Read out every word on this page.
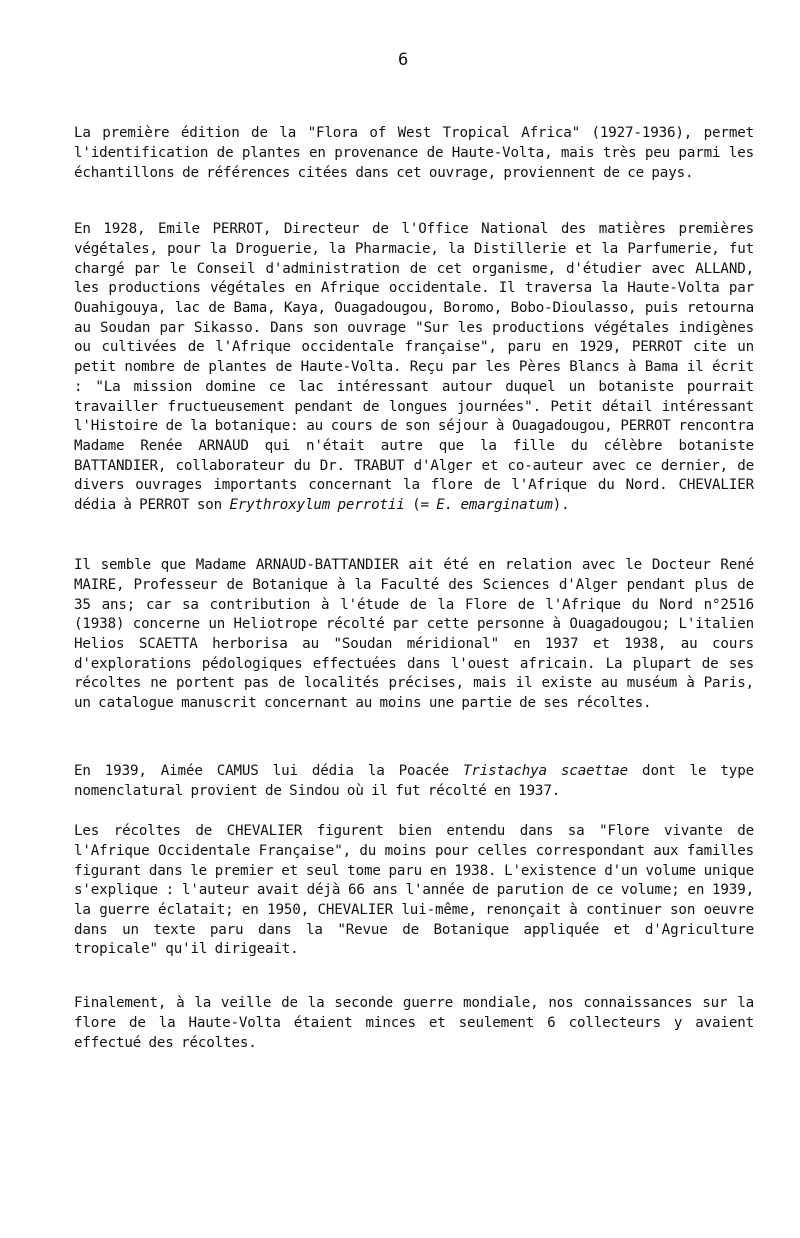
6

La première édition de la "Flora of West Tropical Africa" (1927-1936), permet l'identification de plantes en provenance de Haute-Volta, mais très peu parmi les échantillons de références citées dans cet ouvrage, proviennent de ce pays.

En 1928, Emile PERROT, Directeur de l'Office National des matières premières végétales, pour la Droguerie, la Pharmacie, la Distillerie et la Parfumerie, fut chargé par le Conseil d'administration de cet organisme, d'étudier avec ALLAND, les productions végétales en Afrique occidentale. Il traversa la Haute-Volta par Ouahigouya, lac de Bama, Kaya, Ouagadougou, Boromo, Bobo-Dioulasso, puis retourna au Soudan par Sikasso. Dans son ouvrage "Sur les productions végétales indigènes ou cultivées de l'Afrique occidentale française", paru en 1929, PERROT cite un petit nombre de plantes de Haute-Volta. Reçu par les Pères Blancs à Bama il écrit : "La mission domine ce lac intéressant autour duquel un botaniste pourrait travailler fructueusement pendant de longues journées". Petit détail intéressant l'Histoire de la botanique: au cours de son séjour à Ouagadougou, PERROT rencontra Madame Renée ARNAUD qui n'était autre que la fille du célèbre botaniste BATTANDIER, collaborateur du Dr. TRABUT d'Alger et co-auteur avec ce dernier, de divers ouvrages importants concernant la flore de l'Afrique du Nord. CHEVALIER dédia à PERROT son Erythroxylum perrotii (= E. emarginatum).

Il semble que Madame ARNAUD-BATTANDIER ait été en relation avec le Docteur René MAIRE, Professeur de Botanique à la Faculté des Sciences d'Alger pendant plus de 35 ans; car sa contribution à l'étude de la Flore de l'Afrique du Nord n°2516 (1938) concerne un Heliotrope récolté par cette personne à Ouagadougou; L'italien Helios SCAETTA herborisa au "Soudan méridional" en 1937 et 1938, au cours d'explorations pédologiques effectuées dans l'ouest africain. La plupart de ses récoltes ne portent pas de localités précises, mais il existe au muséum à Paris, un catalogue manuscrit concernant au moins une partie de ses récoltes.

En 1939, Aimée CAMUS lui dédia la Poacée Tristachya scaettae dont le type nomenclatural provient de Sindou où il fut récolté en 1937.

Les récoltes de CHEVALIER figurent bien entendu dans sa "Flore vivante de l'Afrique Occidentale Française", du moins pour celles correspondant aux familles figurant dans le premier et seul tome paru en 1938. L'existence d'un volume unique s'explique : l'auteur avait déjà 66 ans l'année de parution de ce volume; en 1939, la guerre éclatait; en 1950, CHEVALIER lui-même, renonçait à continuer son oeuvre dans un texte paru dans la "Revue de Botanique appliquée et d'Agriculture tropicale" qu'il dirigeait.

Finalement, à la veille de la seconde guerre mondiale, nos connaissances sur la flore de la Haute-Volta étaient minces et seulement 6 collecteurs y avaient effectué des récoltes.
